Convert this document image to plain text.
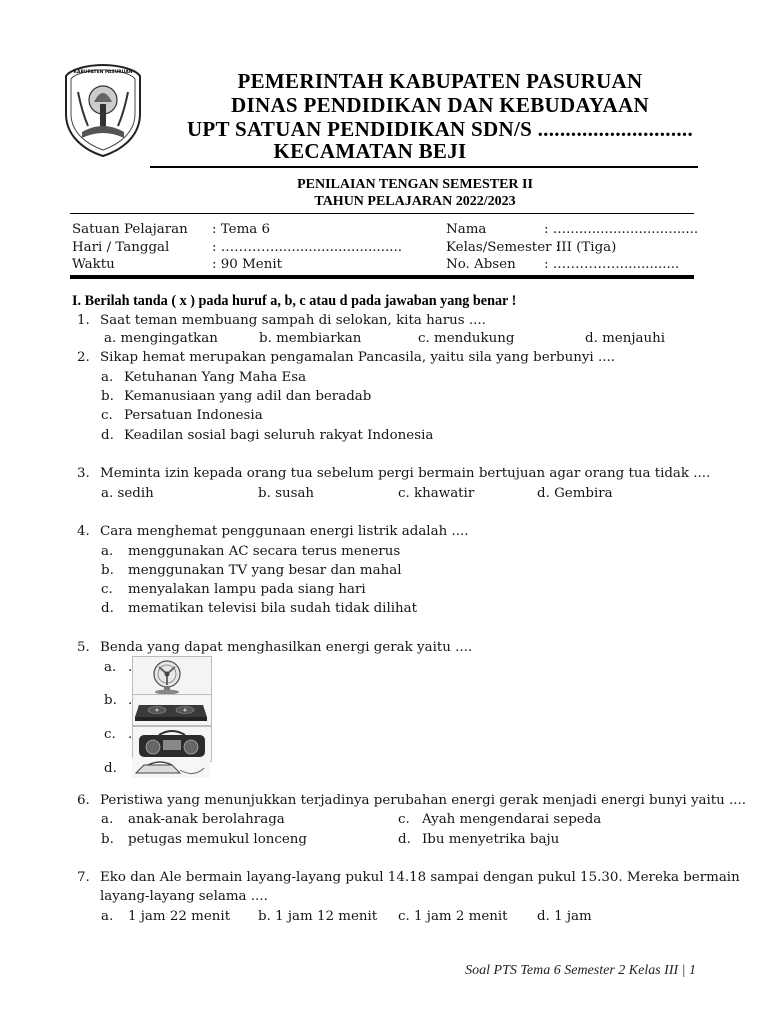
KABUPATEN PASURUAN	PEMERINTAH KABUPATEN PASURUAN
DINAS PENDIDIKAN DAN KEBUDAYAAN
UPT SATUAN PENDIDIKAN SDN/S ............................
KECAMATAN BEJI
PENILAIAN TENGAN SEMESTER II
TAHUN PELAJARAN 2022/2023
Satuan Pelajaran : Tema 6
Hari / Tanggal	: …………..............................
Waktu	: 90 Menit
Nama	: …...............................
Kelas/Semester :
III (Tiga)
No. Absen : ……………..............
I. Berilah tanda ( x ) pada huruf a, b, c atau d pada jawaban yang benar !
1. Saat teman membuang sampah di selokan, kita harus ....
a. mengingatkan	b. membiarkan	c. mendukung	d. menjauhi
2. Sikap hemat merupakan pengamalan Pancasila, yaitu sila yang berbunyi ....
a. Ketuhanan Yang Maha Esa
b. Kemanusiaan yang adil dan beradab
c. Persatuan Indonesia
d. Keadilan sosial bagi seluruh rakyat Indonesia
3. Meminta izin kepada orang tua sebelum pergi bermain bertujuan agar orang tua tidak ....
a. sedih	b. susah	c. khawatir	d. Gembira
4. Cara menghemat penggunaan energi listrik adalah ....
a. menggunakan AC secara terus menerus
b. menggunakan TV yang besar dan mahal
c. menyalakan lampu pada siang hari
d. mematikan televisi bila sudah tidak dilihat
5. Benda yang dapat menghasilkan energi gerak yaitu ....
a.
b.
c.
d.
.
.
.
6. Peristiwa yang menunjukkan terjadinya perubahan energi gerak menjadi energi bunyi yaitu ....
a. anak-anak berolahraga
b. petugas memukul lonceng
c. Ayah mengendarai sepeda
d. Ibu menyetrika baju
7. Eko dan Ale bermain layang-layang pukul 14.18 sampai dengan pukul 15.30. Mereka bermain
layang-layang selama ....
a. 1 jam 22 menit b. 1 jam 12 menit c. 1 jam 2 menit d. 1 jam
Soal PTS Tema 6 Semester 2 Kelas III | 1
